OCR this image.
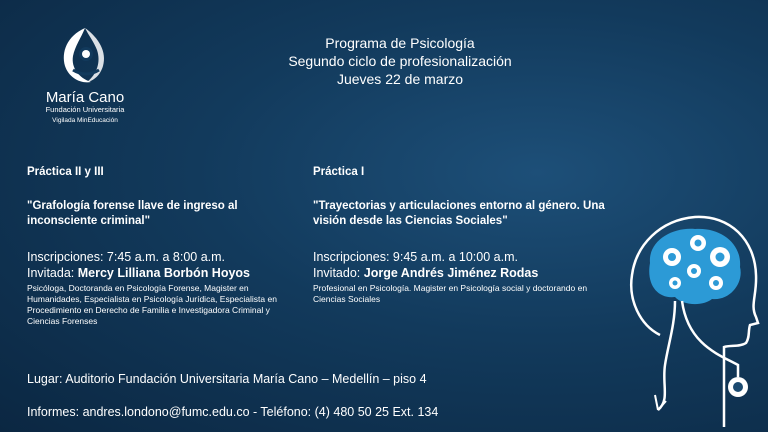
María Cano
Fundación Universitaria
Vigilada MinEducación
Programa de Psicología
Segundo ciclo de profesionalización
Jueves 22 de marzo
Práctica II y III
"Grafología forense llave de ingreso al inconsciente criminal"
Inscripciones: 7:45 a.m. a 8:00 a.m.
Invitada: Mercy Lilliana Borbón Hoyos
Psicóloga, Doctoranda en Psicología Forense, Magister en Humanidades, Especialista en Psicología Jurídica, Especialista en Procedimiento en Derecho de Familia e Investigadora Criminal y Ciencias Forenses
Práctica I
"Trayectorias y articulaciones entorno al género. Una visión desde las Ciencias Sociales"
Inscripciones: 9:45 a.m. a 10:00 a.m.
Invitado: Jorge Andrés Jiménez Rodas
Profesional en Psicología. Magister en Psicología social y doctorando en Ciencias Sociales
Lugar: Auditorio Fundación Universitaria María Cano – Medellín – piso 4
Informes: andres.londono@fumc.edu.co - Teléfono: (4) 480 50 25 Ext. 134
